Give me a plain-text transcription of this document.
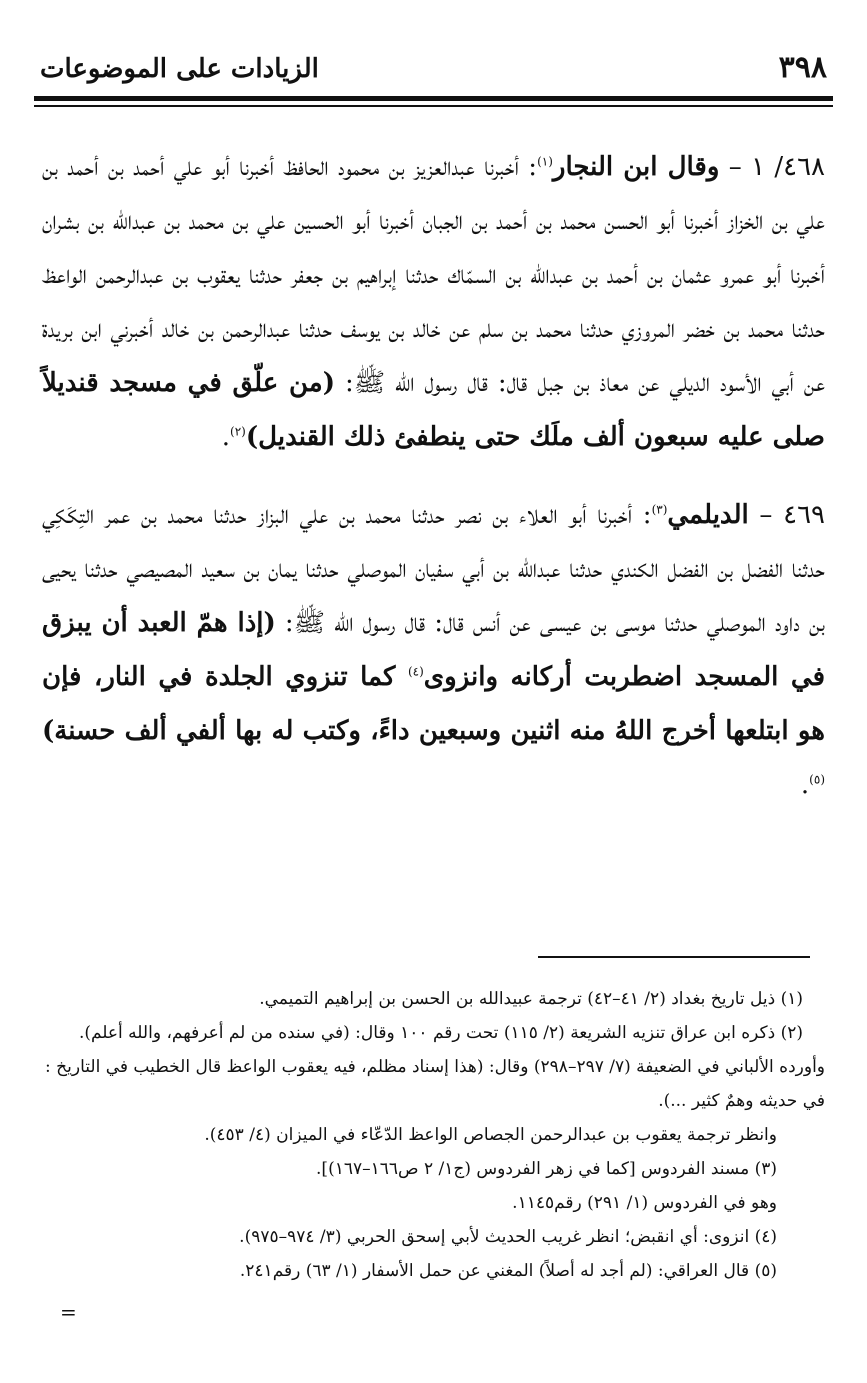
٣٩٨
الزيادات على الموضوعات

٤٦٨/ ١ – وقال ابن النجار$^{(١)}$: أخبرنا عبدالعزيز بن محمود الحافظ أخبرنا أبو علي أحمد بن أحمد بن علي بن الخزاز أخبرنا أبو الحسن محمد بن أحمد بن الجبان أخبرنا أبو الحسين علي بن محمد بن عبدالله بن بشران أخبرنا أبو عمرو عثمان بن أحمد بن عبدالله بن السمّاك حدثنا إبراهيم بن جعفر حدثنا يعقوب بن عبدالرحمن الواعظ حدثنا محمد بن خضر المروزي حدثنا محمد بن سلم عن خالد بن يوسف حدثنا عبدالرحمن بن خالد أخبرني ابن بريدة عن أبي الأسود الديلي عن معاذ بن جبل قال: قال رسول الله ﷺ: (من علّق في مسجد قنديلاً صلى عليه سبعون ألف ملَك حتى ينطفئ ذلك القنديل)$^{(٢)}$.

٤٦٩ – الديلمي$^{(٣)}$: أخبرنا أبو العلاء بن نصر حدثنا محمد بن علي البزاز حدثنا محمد بن عمر التِكَكِي حدثنا الفضل بن الفضل الكندي حدثنا عبدالله بن أبي سفيان الموصلي حدثنا يمان بن سعيد المصيصي حدثنا يحيى بن داود الموصلي حدثنا موسى بن عيسى عن أنس قال: قال رسول الله ﷺ: (إذا همّ العبد أن يبزق في المسجد اضطربت أركانه وانزوى$^{(٤)}$ كما تنزوي الجلدة في النار، فإن هو ابتلعها أخرج اللهُ منه اثنين وسبعين داءً، وكتب له بها ألفي ألف حسنة)$^{(٥)}$.

(١) ذيل تاريخ بغداد (٢/ ٤١–٤٢) ترجمة عبيدالله بن الحسن بن إبراهيم التميمي.
(٢) ذكره ابن عراق تنزيه الشريعة (٢/ ١١٥) تحت رقم ١٠٠ وقال: (في سنده من لم أعرفهم، والله أعلم).
وأورده الألباني في الضعيفة (٧/ ٢٩٧–٢٩٨) وقال: (هذا إسناد مظلم، فيه يعقوب الواعظ قال الخطيب في التاريخ : في حديثه وهمٌ كثير ...).
وانظر ترجمة يعقوب بن عبدالرحمن الجصاص الواعظ الدّعّاء في الميزان (٤/ ٤٥٣).
(٣) مسند الفردوس [كما في زهر الفردوس (ج١/ ٢ ص١٦٦–١٦٧)].
وهو في الفردوس (١/ ٢٩١) رقم١١٤٥.
(٤) انزوى: أي انقبض؛ انظر غريب الحديث لأبي إسحق الحربي (٣/ ٩٧٤–٩٧٥).
(٥) قال العراقي: (لم أجد له أصلاً) المغني عن حمل الأسفار (١/ ٦٣) رقم٢٤١.
=
